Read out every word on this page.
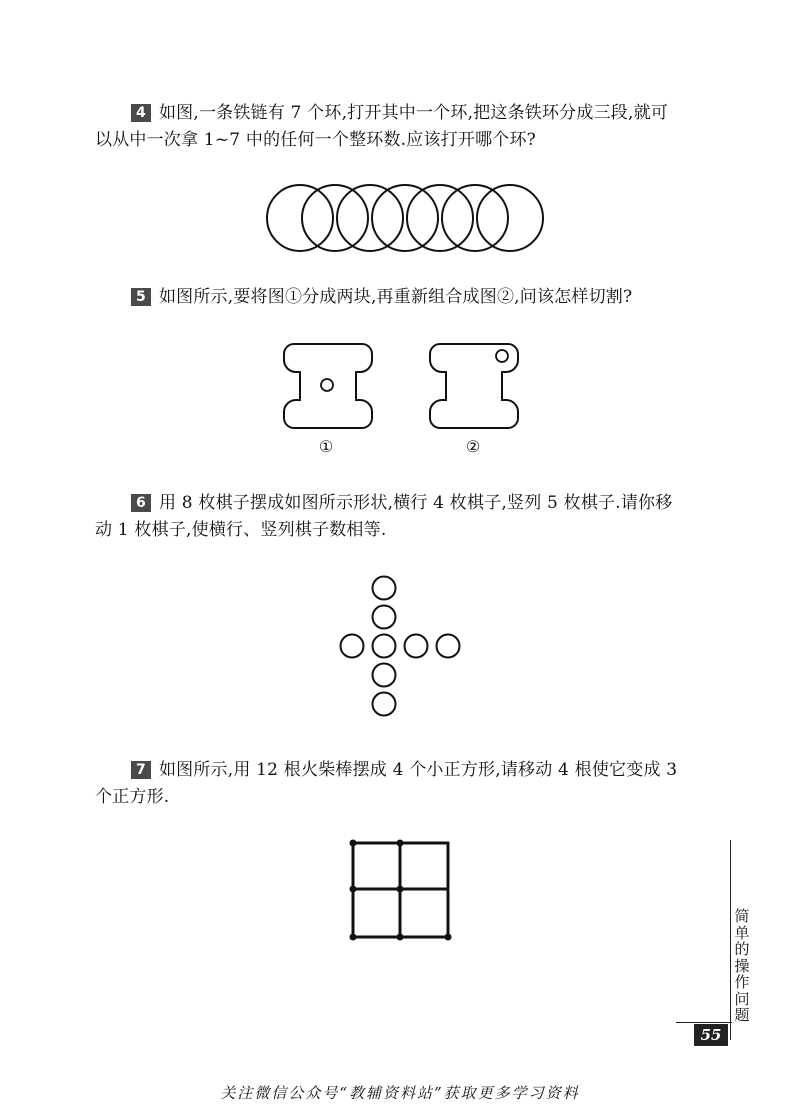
4 如图,一条铁链有 7 个环,打开其中一个环,把这条铁环分成三段,就可
以从中一次拿 1~7 中的任何一个整环数.应该打开哪个环?
5 如图所示,要将图①分成两块,再重新组合成图②,问该怎样切割?
①	②
6 用 8 枚棋子摆成如图所示形状,横行 4 枚棋子,竖列 5 枚棋子.请你移
动 1 枚棋子,使横行、竖列棋子数相等.
7 如图所示,用 12 根火柴棒摆成 4 个小正方形,请移动 4 根使它变成 3
个正方形.
简单的操作问题
55
关注微信公众号“教辅资料站”获取更多学习资料
